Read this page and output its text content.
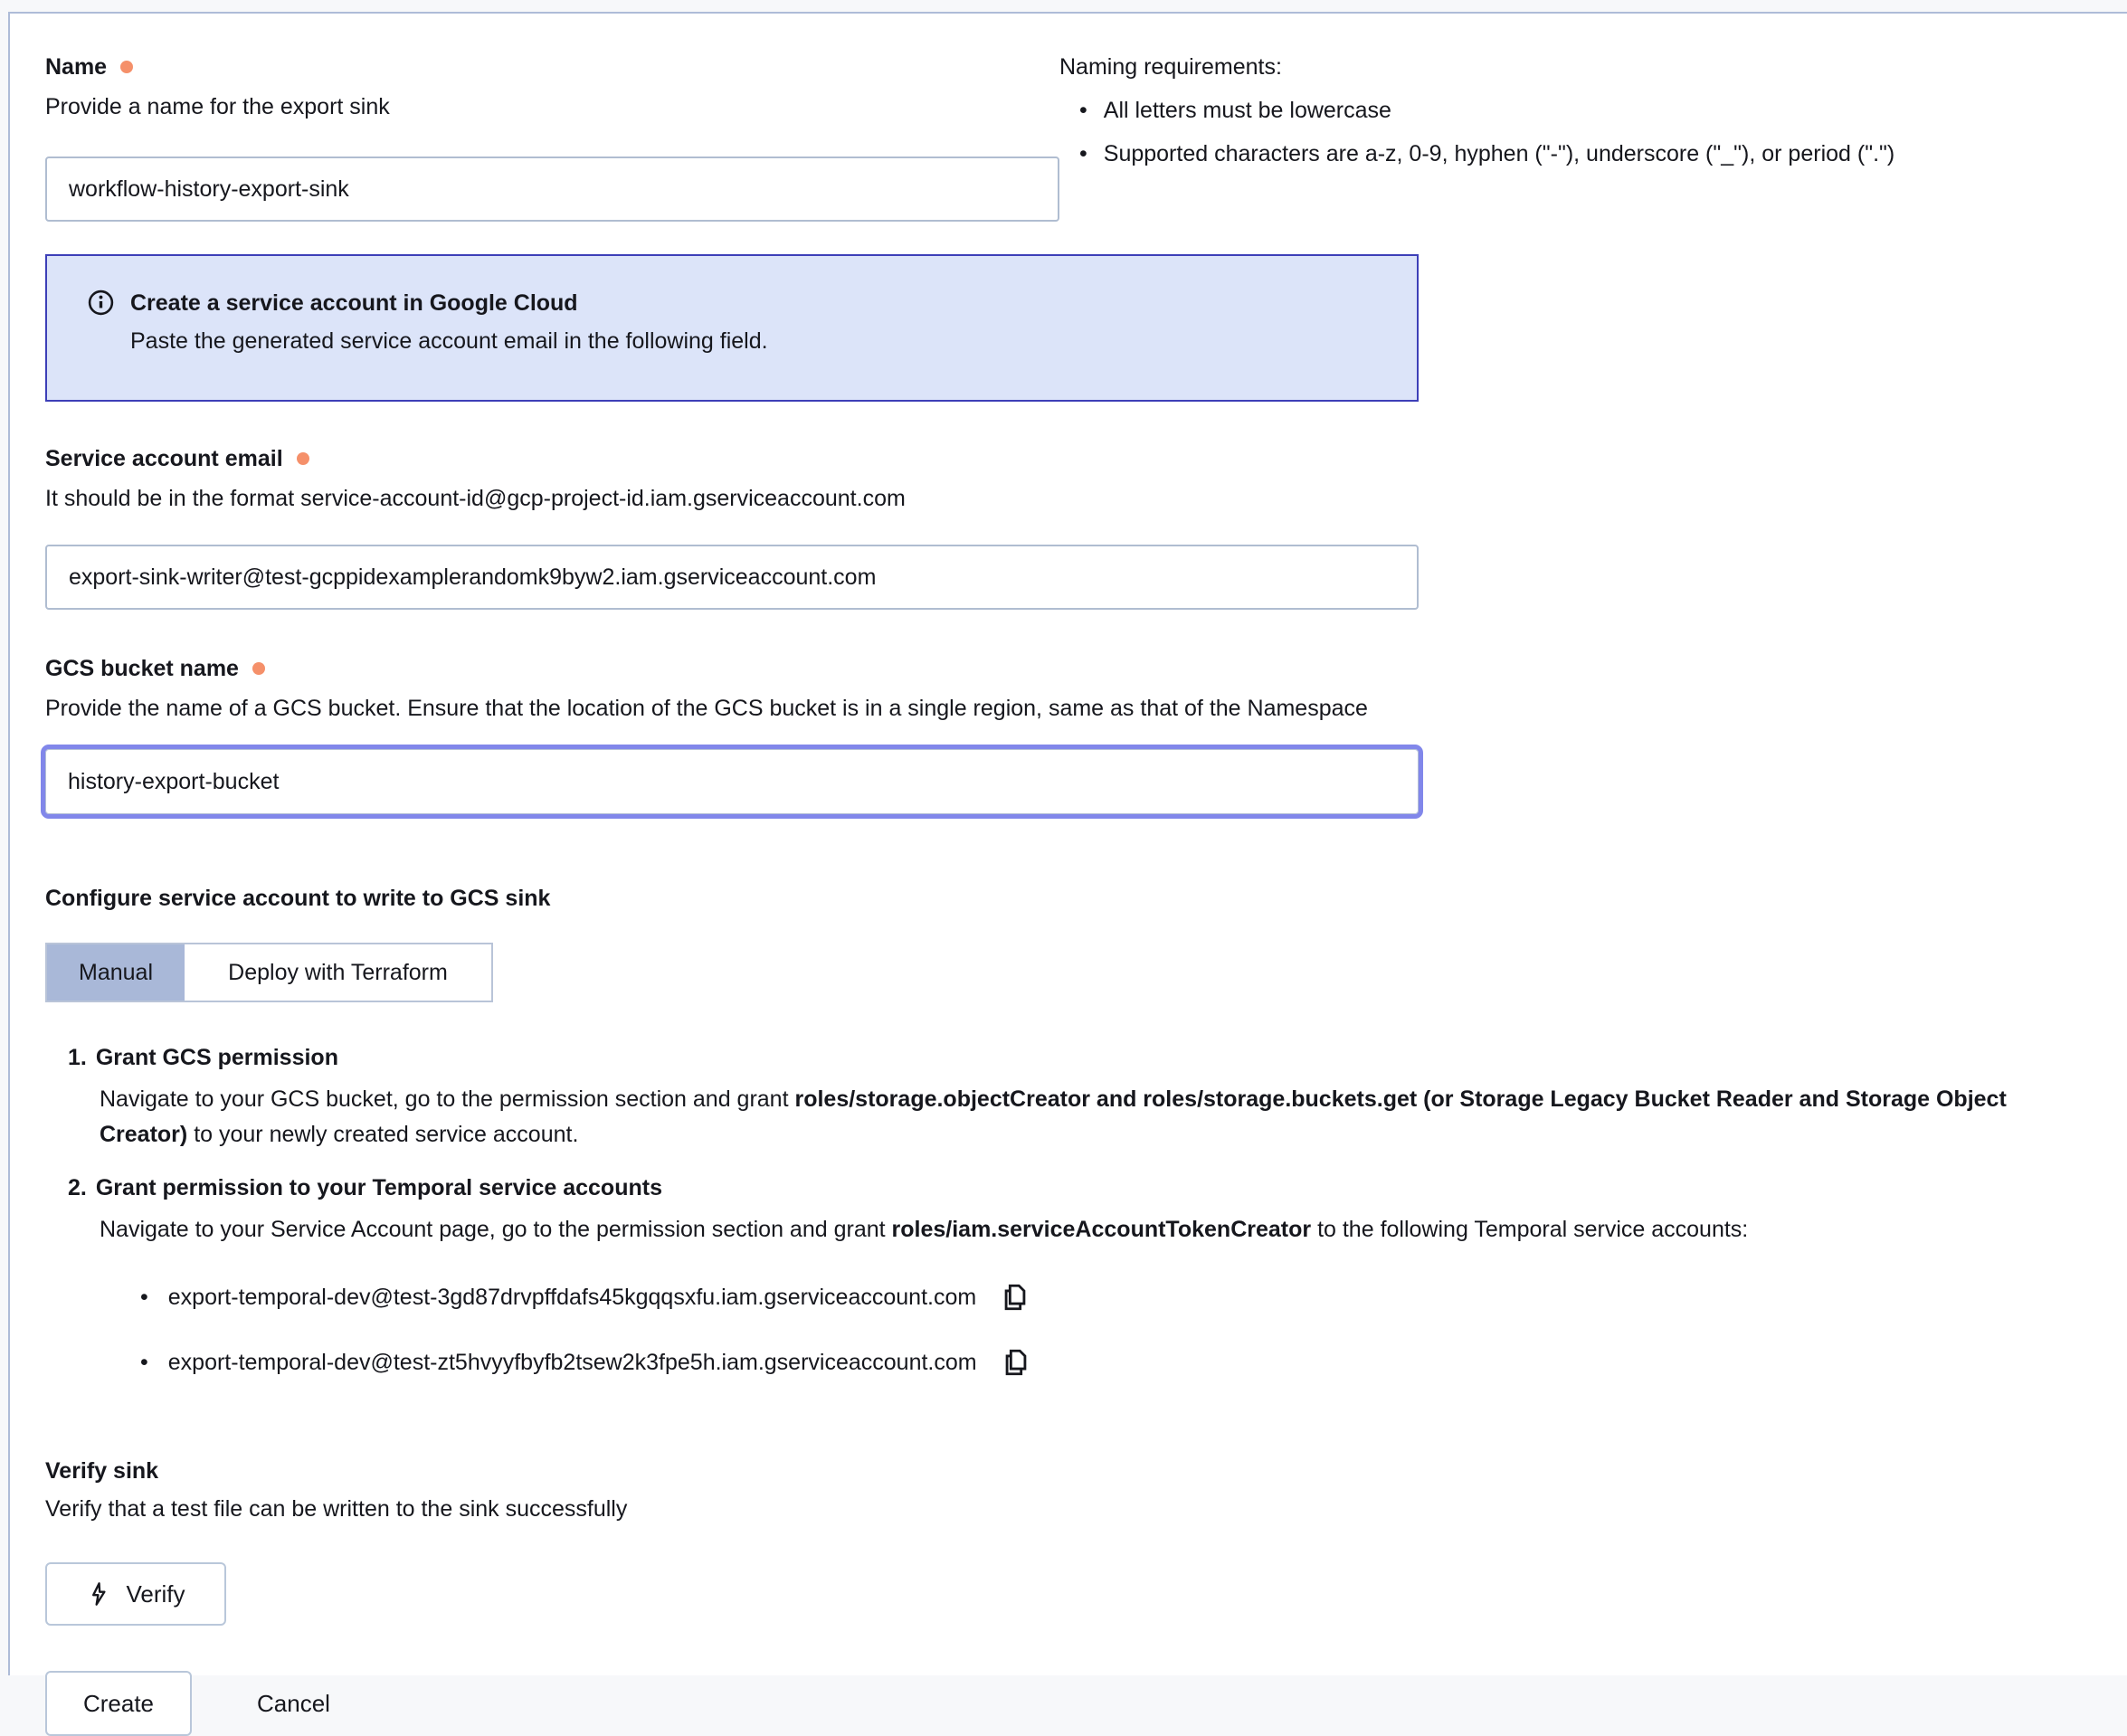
Name
Provide a name for the export sink
workflow-history-export-sink
Naming requirements:
• All letters must be lowercase
• Supported characters are a-z, 0-9, hyphen ("-"), underscore ("_"), or period (".")
Create a service account in Google Cloud
Paste the generated service account email in the following field.
Service account email
It should be in the format service-account-id@gcp-project-id.iam.gserviceaccount.com
export-sink-writer@test-gcppidexamplerandomk9byw2.iam.gserviceaccount.com
GCS bucket name
Provide the name of a GCS bucket. Ensure that the location of the GCS bucket is in a single region, same as that of the Namespace
history-export-bucket
Configure service account to write to GCS sink
Manual	Deploy with Terraform
1. Grant GCS permission
Navigate to your GCS bucket, go to the permission section and grant roles/storage.objectCreator and roles/storage.buckets.get (or Storage Legacy Bucket Reader and Storage Object Creator) to your newly created service account.
2. Grant permission to your Temporal service accounts
Navigate to your Service Account page, go to the permission section and grant roles/iam.serviceAccountTokenCreator to the following Temporal service accounts:
• export-temporal-dev@test-3gd87drvpffdafs45kgqqsxfu.iam.gserviceaccount.com
• export-temporal-dev@test-zt5hvyyfbyfb2tsew2k3fpe5h.iam.gserviceaccount.com
Verify sink
Verify that a test file can be written to the sink successfully
Verify
Create	Cancel
